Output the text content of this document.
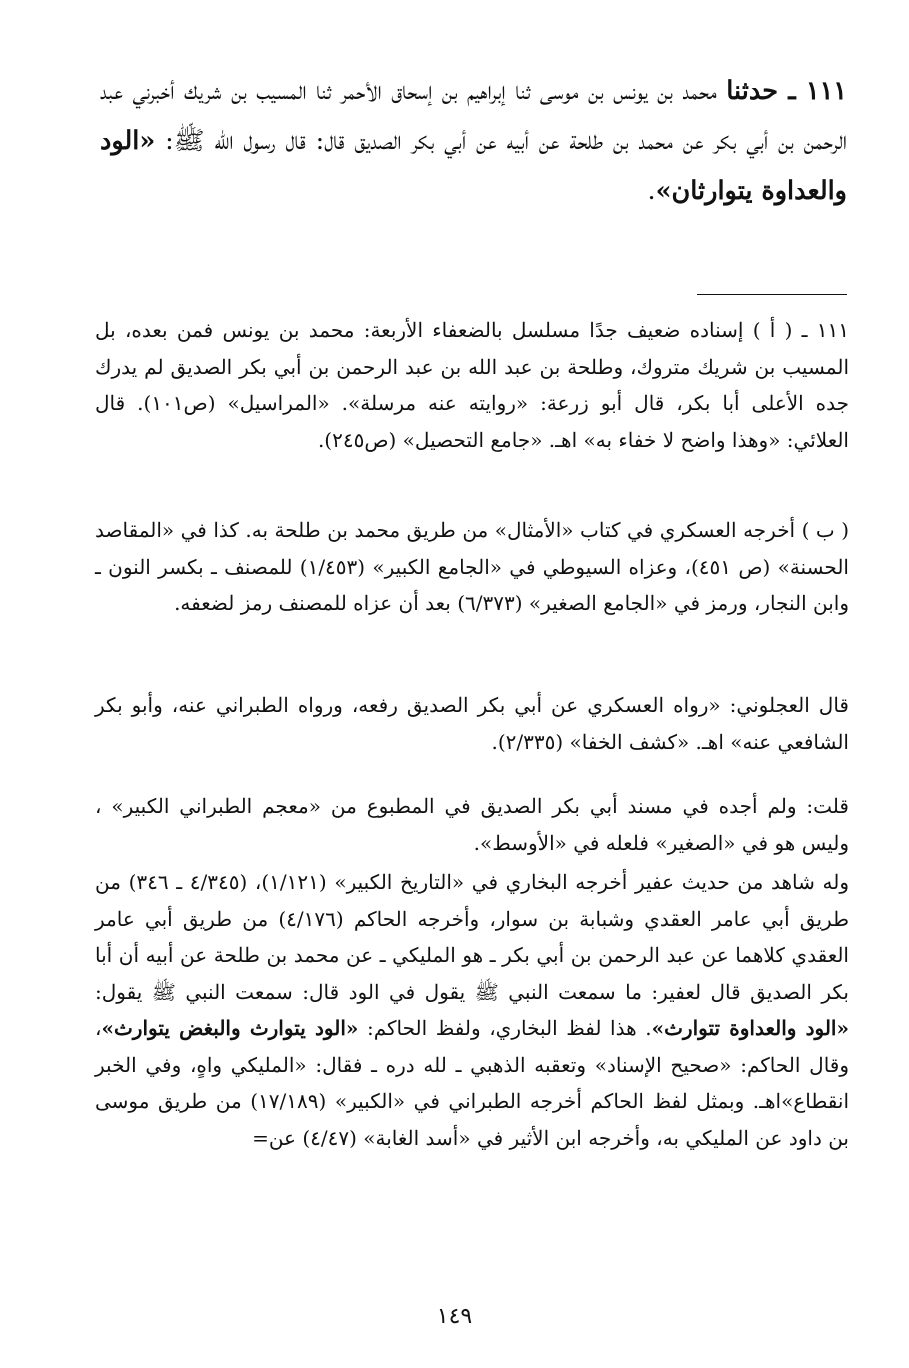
١١١ ـ حدثنا محمد بن يونس بن موسى ثنا إبراهيم بن إسحاق الأحمر ثنا المسيب بن شريك أخبرني عبد الرحمن بن أبي بكر عن محمد بن طلحة عن أبيه عن أبي بكر الصديق قال: قال رسول الله ﷺ: «الود والعداوة يتوارثان».
١١١ ـ ( أ ) إسناده ضعيف جدًا مسلسل بالضعفاء الأربعة: محمد بن يونس فمن بعده، بل المسيب بن شريك متروك، وطلحة بن عبد الله بن عبد الرحمن بن أبي بكر الصديق لم يدرك جده الأعلى أبا بكر، قال أبو زرعة: «روايته عنه مرسلة». «المراسيل» (ص١٠١). قال العلائي: «وهذا واضح لا خفاء به» اهـ. «جامع التحصيل» (ص٢٤٥).
( ب ) أخرجه العسكري في كتاب «الأمثال» من طريق محمد بن طلحة به. كذا في «المقاصد الحسنة» (ص ٤٥١)، وعزاه السيوطي في «الجامع الكبير» (١/٤٥٣) للمصنف ـ بكسر النون ـ وابن النجار، ورمز في «الجامع الصغير» (٦/٣٧٣) بعد أن عزاه للمصنف رمز لضعفه.
قال العجلوني: «رواه العسكري عن أبي بكر الصديق رفعه، ورواه الطبراني عنه، وأبو بكر الشافعي عنه» اهـ. «كشف الخفا» (٢/٣٣٥).
قلت: ولم أجده في مسند أبي بكر الصديق في المطبوع من «معجم الطبراني الكبير» ، وليس هو في «الصغير» فلعله في «الأوسط».
وله شاهد من حديث عفير أخرجه البخاري في «التاريخ الكبير» (١/١٢١)، (٤/٣٤٥ ـ ٣٤٦) من طريق أبي عامر العقدي وشبابة بن سوار، وأخرجه الحاكم (٤/١٧٦) من طريق أبي عامر العقدي كلاهما عن عبد الرحمن بن أبي بكر ـ هو المليكي ـ عن محمد بن طلحة عن أبيه أن أبا بكر الصديق قال لعفير: ما سمعت النبي ﷺ يقول في الود قال: سمعت النبي ﷺ يقول: «الود والعداوة تتوارث». هذا لفظ البخاري، ولفظ الحاكم: «الود يتوارث والبغض يتوارث»، وقال الحاكم: «صحيح الإسناد» وتعقبه الذهبي ـ لله دره ـ فقال: «المليكي واهٍ، وفي الخبر انقطاع»اهـ. وبمثل لفظ الحاكم أخرجه الطبراني في «الكبير» (١٧/١٨٩) من طريق موسى بن داود عن المليكي به، وأخرجه ابن الأثير في «أسد الغابة» (٤/٤٧) عن=
١٤٩
